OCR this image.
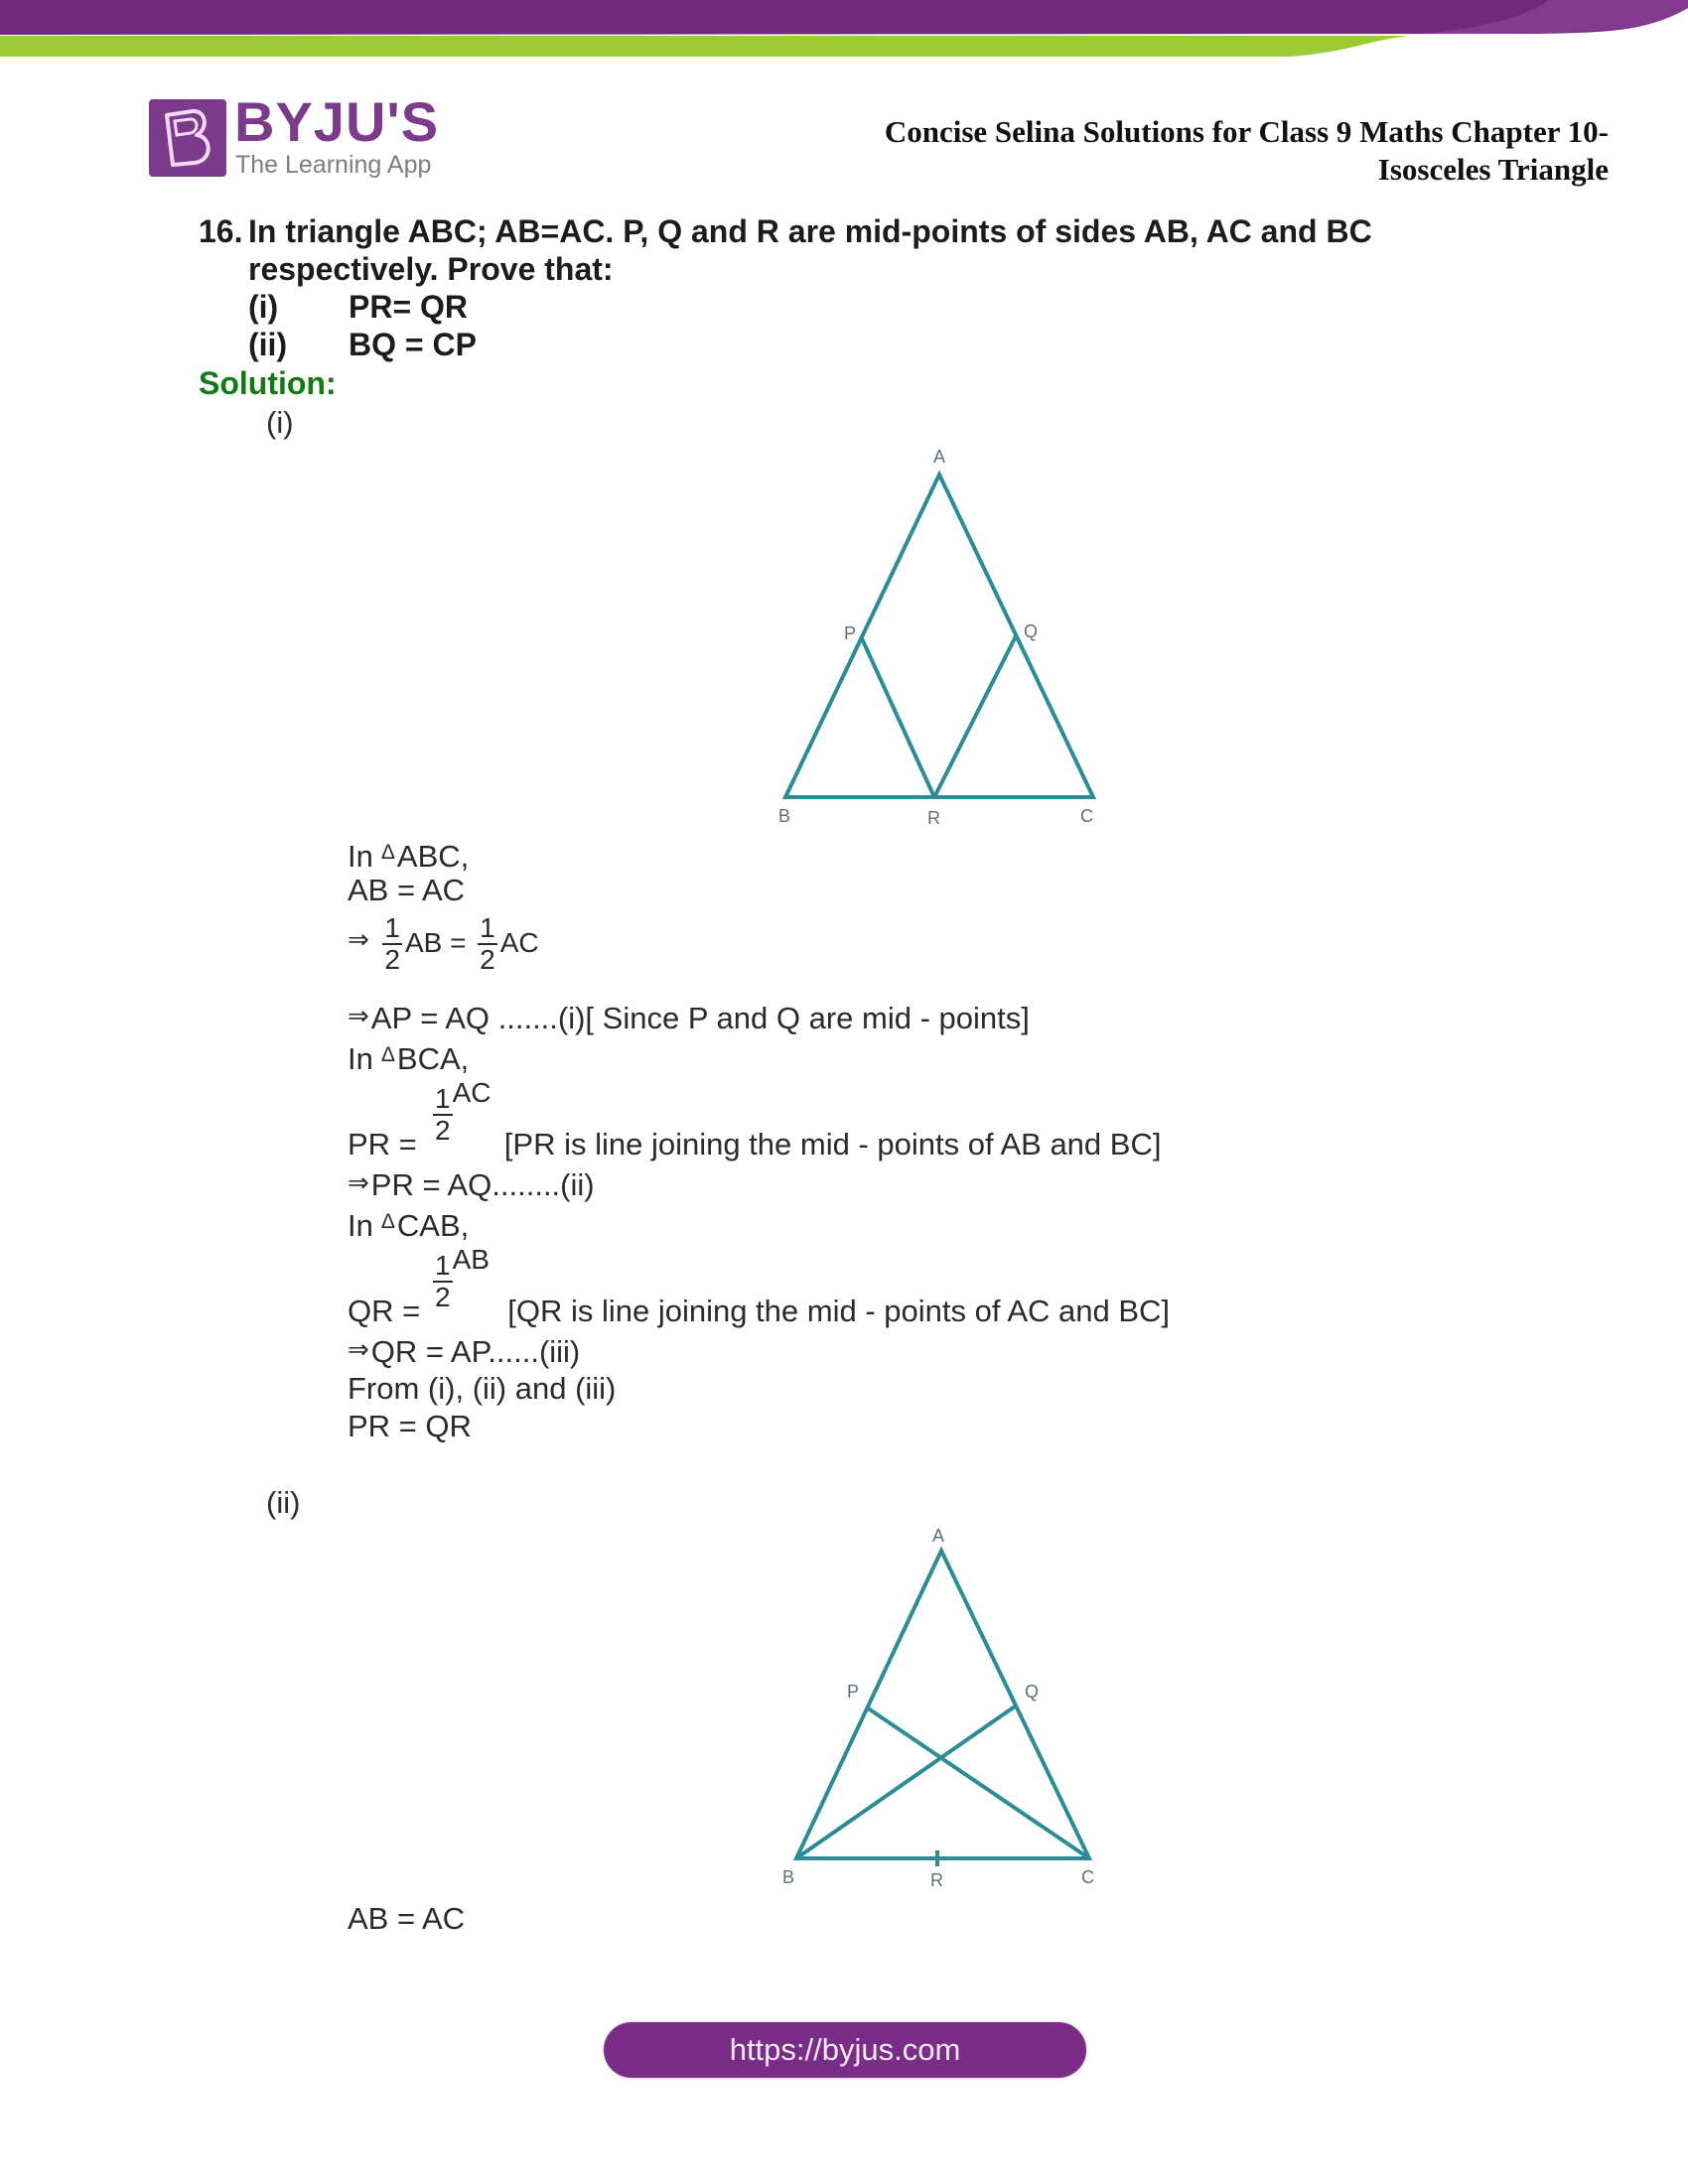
BYJU'S
The Learning App
Concise Selina Solutions for Class 9 Maths Chapter 10-
Isosceles Triangle
16. In triangle ABC; AB=AC. P, Q and R are mid-points of sides AB, AC and BC
respectively. Prove that:
(i) PR= QR
(ii) BQ = CP
Solution:
(i)
A
P	Q
B	R	C
A
P	Q
B	R	C
In $^\Delta$ABC,
AB = AC
⇒ $\frac{1}{2}$ AB = $\frac{1}{2}$ AC
⇒AP = AQ .......(i)[ Since P and Q are mid - points]
In $^\Delta$BCA,
$\frac{1}{2}$ AC
PR =	[PR is line joining the mid - points of AB and BC]
⇒PR = AQ........(ii)
In $^\Delta$CAB,
$\frac{1}{2}$ AB
QR =	[QR is line joining the mid - points of AC and BC]
⇒QR = AP......(iii)
From (i), (ii) and (iii)
PR = QR
(ii)
AB = AC
https://byjus.com
